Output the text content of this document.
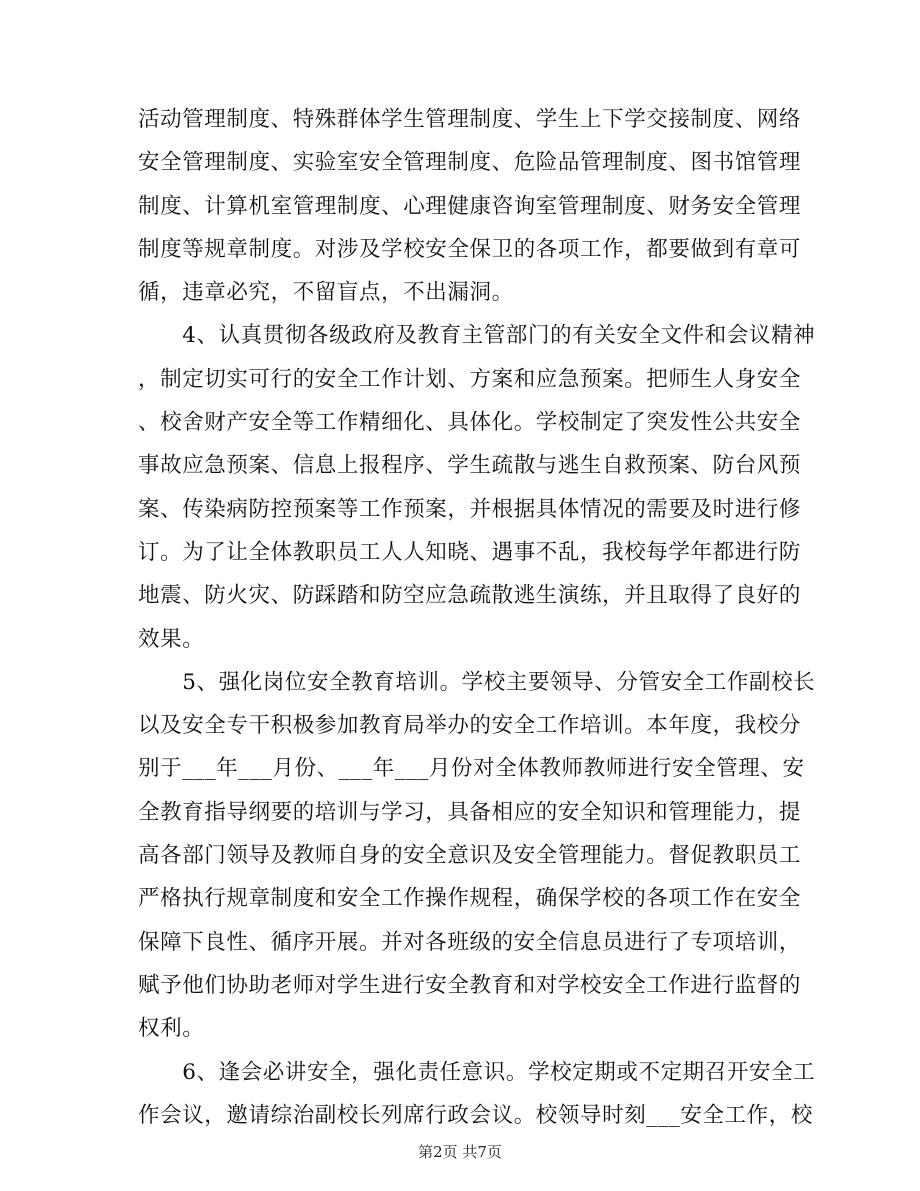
活动管理制度、特殊群体学生管理制度、学生上下学交接制度、网络
安全管理制度、实验室安全管理制度、危险品管理制度、图书馆管理
制度、计算机室管理制度、心理健康咨询室管理制度、财务安全管理
制度等规章制度。对涉及学校安全保卫的各项工作，都要做到有章可
循，违章必究，不留盲点，不出漏洞。

　　4、认真贯彻各级政府及教育主管部门的有关安全文件和会议精神
，制定切实可行的安全工作计划、方案和应急预案。把师生人身安全
、校舍财产安全等工作精细化、具体化。学校制定了突发性公共安全
事故应急预案、信息上报程序、学生疏散与逃生自救预案、防台风预
案、传染病防控预案等工作预案，并根据具体情况的需要及时进行修
订。为了让全体教职员工人人知晓、遇事不乱，我校每学年都进行防
地震、防火灾、防踩踏和防空应急疏散逃生演练，并且取得了良好的
效果。

　　5、强化岗位安全教育培训。学校主要领导、分管安全工作副校长
以及安全专干积极参加教育局举办的安全工作培训。本年度，我校分
别于___年___月份、___年___月份对全体教师教师进行安全管理、安
全教育指导纲要的培训与学习，具备相应的安全知识和管理能力，提
高各部门领导及教师自身的安全意识及安全管理能力。督促教职员工
严格执行规章制度和安全工作操作规程，确保学校的各项工作在安全
保障下良性、循序开展。并对各班级的安全信息员进行了专项培训，
赋予他们协助老师对学生进行安全教育和对学校安全工作进行监督的
权利。

　　6、逢会必讲安全，强化责任意识。学校定期或不定期召开安全工
作会议，邀请综治副校长列席行政会议。校领导时刻___安全工作，校

第2页 共7页
